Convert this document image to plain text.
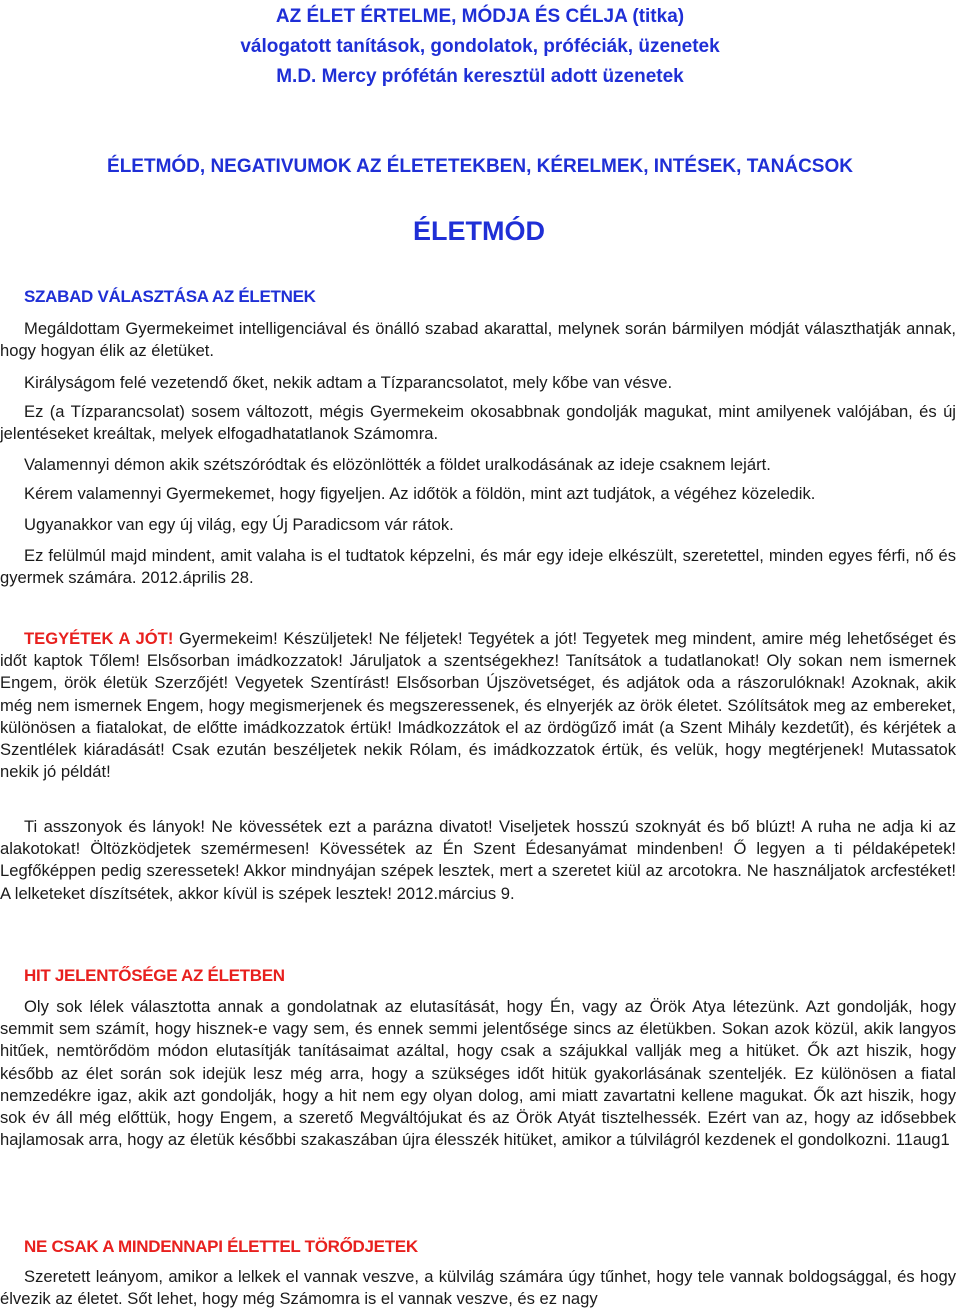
AZ ÉLET ÉRTELME, MÓDJA ÉS CÉLJA (titka)
válogatott tanítások, gondolatok, próféciák, üzenetek
M.D. Mercy prófétán keresztül adott üzenetek
ÉLETMÓD, NEGATIVUMOK AZ ÉLETETEKBEN, KÉRELMEK, INTÉSEK, TANÁCSOK
ÉLETMÓD
SZABAD VÁLASZTÁSA AZ ÉLETNEK

Megáldottam Gyermekeimet intelligenciával és önálló szabad akarattal, melynek során bármilyen módját választhatják annak, hogy hogyan élik az életüket.

Királyságom felé vezetendő őket, nekik adtam a Tízparancsolatot, mely kőbe van vésve.

Ez (a Tízparancsolat) sosem változott, mégis Gyermekeim okosabbnak gondolják magukat, mint amilyenek valójában, és új jelentéseket kreáltak, melyek elfogadhatatlanok Számomra.

Valamennyi démon akik szétszóródtak és elözönlötték a földet uralkodásának az ideje csaknem lejárt.

Kérem valamennyi Gyermekemet, hogy figyeljen. Az időtök a földön, mint azt tudjátok, a végéhez közeledik.

Ugyanakkor van egy új világ, egy Új Paradicsom vár rátok.

Ez felülmúl majd mindent, amit valaha is el tudtatok képzelni, és már egy ideje elkészült, szeretettel, minden egyes férfi, nő és gyermek számára. 2012.április 28.

TEGYÉTEK A JÓT! Gyermekeim! Készüljetek! Ne féljetek! Tegyétek a jót! Tegyetek meg mindent, amire még lehetőséget és időt kaptok Tőlem! Elsősorban imádkozzatok! Járuljatok a szentségekhez! Tanítsátok a tudatlanokat! Oly sokan nem ismernek Engem, örök életük Szerzőjét! Vegyetek Szentírást! Elsősorban Újszövetséget, és adjátok oda a rászorulóknak! Azoknak, akik még nem ismernek Engem, hogy megismerjenek és megszeressenek, és elnyerjék az örök életet. Szólítsátok meg az embereket, különösen a fiatalokat, de előtte imádkozzatok értük! Imádkozzátok el az ördögűző imát (a Szent Mihály kezdetűt), és kérjétek a Szentlélek kiáradását! Csak ezután beszéljetek nekik Rólam, és imádkozzatok értük, és velük, hogy megtérjenek! Mutassatok nekik jó példát!

Ti asszonyok és lányok! Ne kövessétek ezt a parázna divatot! Viseljetek hosszú szoknyát és bő blúzt! A ruha ne adja ki az alakotokat! Öltözködjetek szemérmesen! Kövessétek az Én Szent Édesanyámat mindenben! Ő legyen a ti példaképetek! Legfőképpen pedig szeressetek! Akkor mindnyájan szépek lesztek, mert a szeretet kiül az arcotokra. Ne használjatok arcfestéket! A lelketeket díszítsétek, akkor kívül is szépek lesztek! 2012.március 9.

HIT JELENTŐSÉGE AZ ÉLETBEN

Oly sok lélek választotta annak a gondolatnak az elutasítását, hogy Én, vagy az Örök Atya létezünk. Azt gondolják, hogy semmit sem számít, hogy hisznek-e vagy sem, és ennek semmi jelentősége sincs az életükben. Sokan azok közül, akik langyos hitűek, nemtörődöm módon elutasítják tanításaimat azáltal, hogy csak a szájukkal vallják meg a hitüket. Ők azt hiszik, hogy később az élet során sok idejük lesz még arra, hogy a szükséges időt hitük gyakorlásának szenteljék. Ez különösen a fiatal nemzedékre igaz, akik azt gondolják, hogy a hit nem egy olyan dolog, ami miatt zavartatni kellene magukat. Ők azt hiszik, hogy sok év áll még előttük, hogy Engem, a szerető Megváltójukat és az Örök Atyát tisztelhessék. Ezért van az, hogy az idősebbek hajlamosak arra, hogy az életük későbbi szakaszában újra élesszék hitüket, amikor a túlvilágról kezdenek el gondolkozni. 11aug1

NE CSAK A MINDENNAPI ÉLETTEL TÖRŐDJETEK

Szeretett leányom, amikor a lelkek el vannak veszve, a külvilág számára úgy tűnhet, hogy tele vannak boldogsággal, és hogy élvezik az életet. Sőt lehet, hogy még Számomra is el vannak veszve, és ez nagy
